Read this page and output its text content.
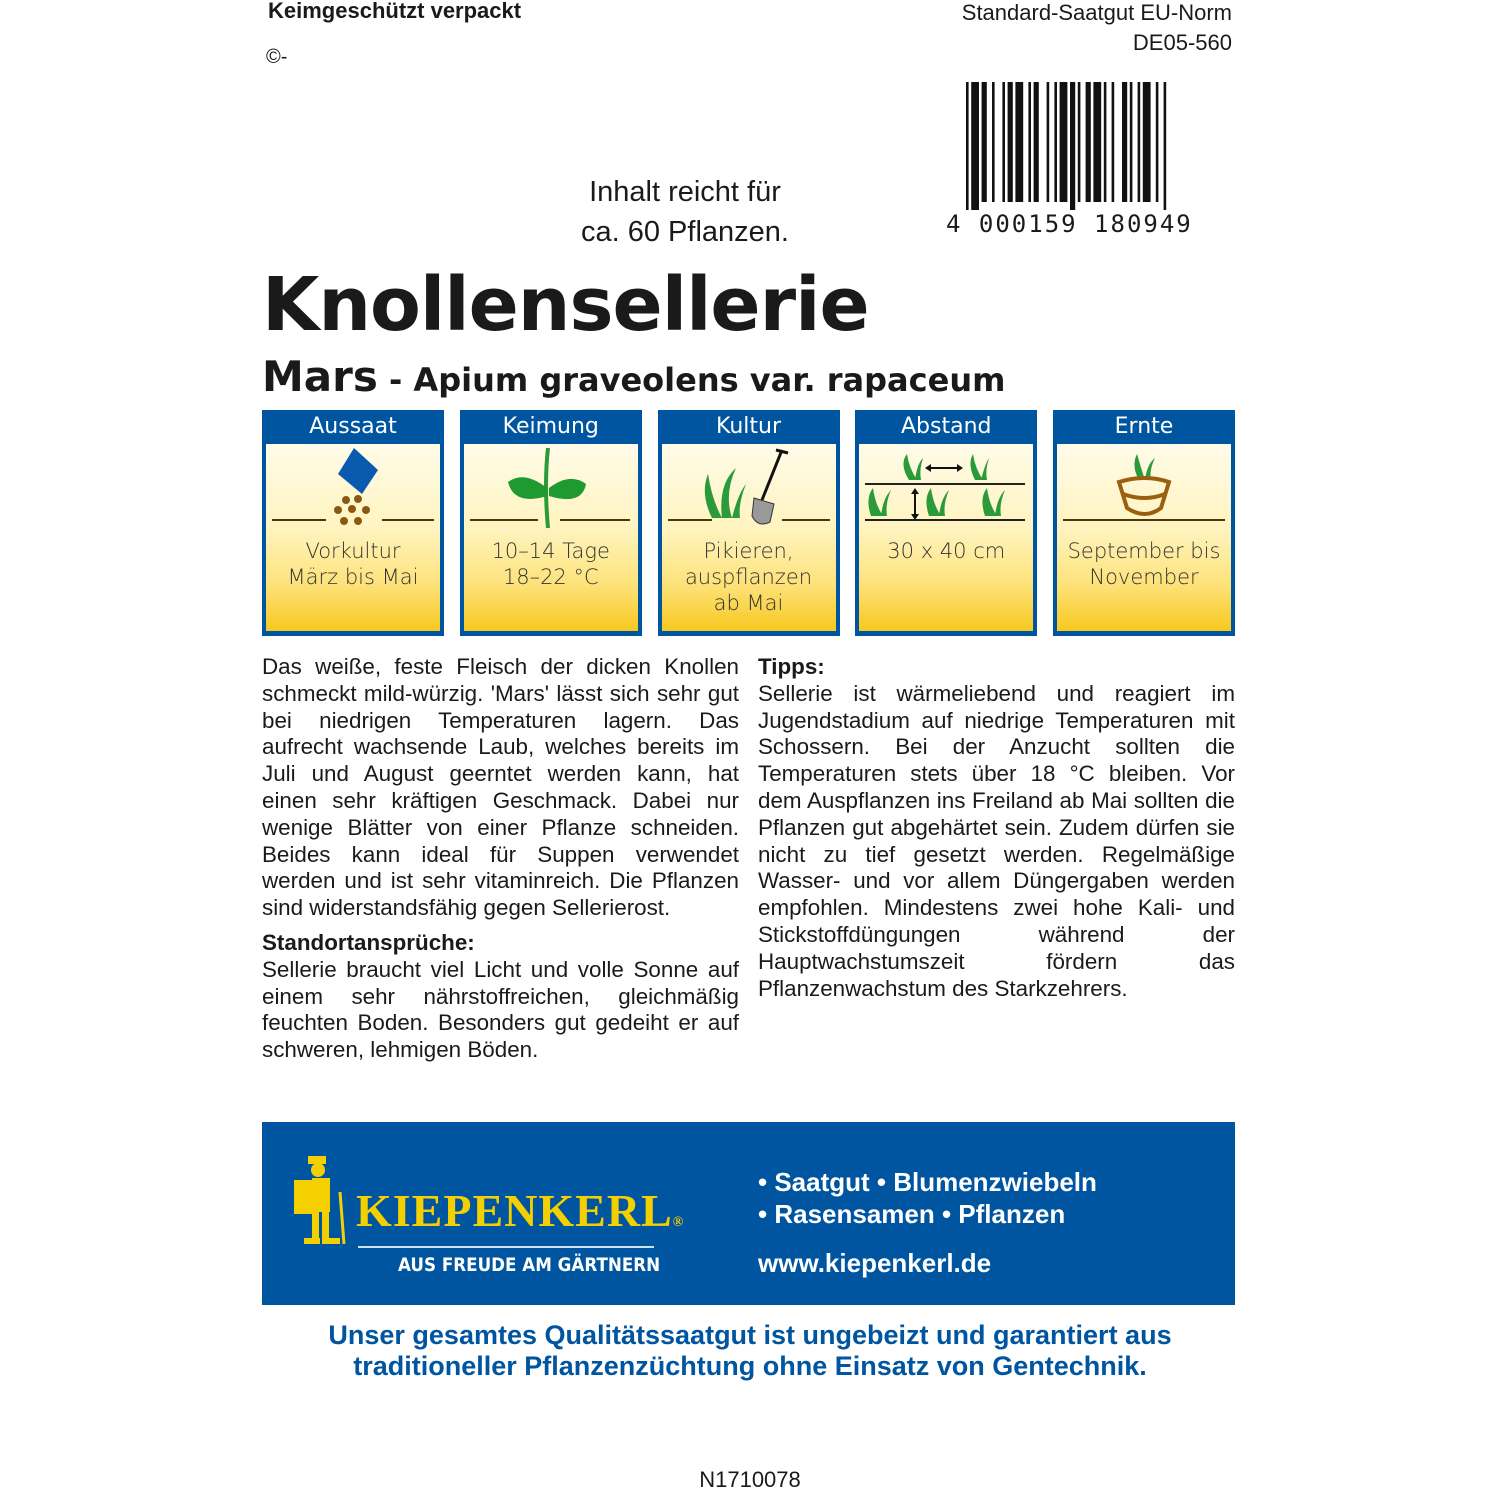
Keimgeschützt verpackt
©-
Standard-Saatgut EU-Norm
DE05-560
4 000159 180949
Inhalt reicht für
ca. 60 Pflanzen.
Knollensellerie
Mars - Apium graveolens var. rapaceum
Aussaat
Vorkultur
März bis Mai
Keimung
10–14 Tage
18–22 °C
Kultur
Pikieren,
auspflanzen
ab Mai
Abstand
30 x 40 cm
Ernte
September bis
November

Das weiße, feste Fleisch der dicken Knollen schmeckt mild-würzig. 'Mars' lässt sich sehr gut bei niedrigen Temperaturen lagern. Das aufrecht wachsende Laub, welches bereits im Juli und August geerntet werden kann, hat einen sehr kräftigen Geschmack. Dabei nur wenige Blätter von einer Pflanze schneiden. Beides kann ideal für Suppen verwendet werden und ist sehr vitaminreich. Die Pflanzen sind widerstandsfähig gegen Sellerierost.

Standortansprüche:

Sellerie braucht viel Licht und volle Sonne auf einem sehr nährstoffreichen, gleichmäßig feuchten Boden. Besonders gut gedeiht er auf schweren, lehmigen Böden.

Tipps:

Sellerie ist wärmeliebend und reagiert im Jugendstadium auf niedrige Temperaturen mit Schossern. Bei der Anzucht sollten die Temperaturen stets über 18 °C bleiben. Vor dem Auspflanzen ins Freiland ab Mai sollten die Pflanzen gut abgehärtet sein. Zudem dürfen sie nicht zu tief gesetzt werden. Regelmäßige Wasser- und vor allem Düngergaben werden empfohlen. Mindestens zwei hohe Kali- und Stickstoffdüngungen während der Hauptwachstumszeit fördern das Pflanzenwachstum des Starkzehrers.

KIEPENKERL®
AUS FREUDE AM GÄRTNERN
• Saatgut • Blumenzwiebeln
• Rasensamen • Pflanzen
www.kiepenkerl.de
Unser gesamtes Qualitätssaatgut ist ungebeizt und garantiert aus
traditioneller Pflanzenzüchtung ohne Einsatz von Gentechnik.
N1710078
